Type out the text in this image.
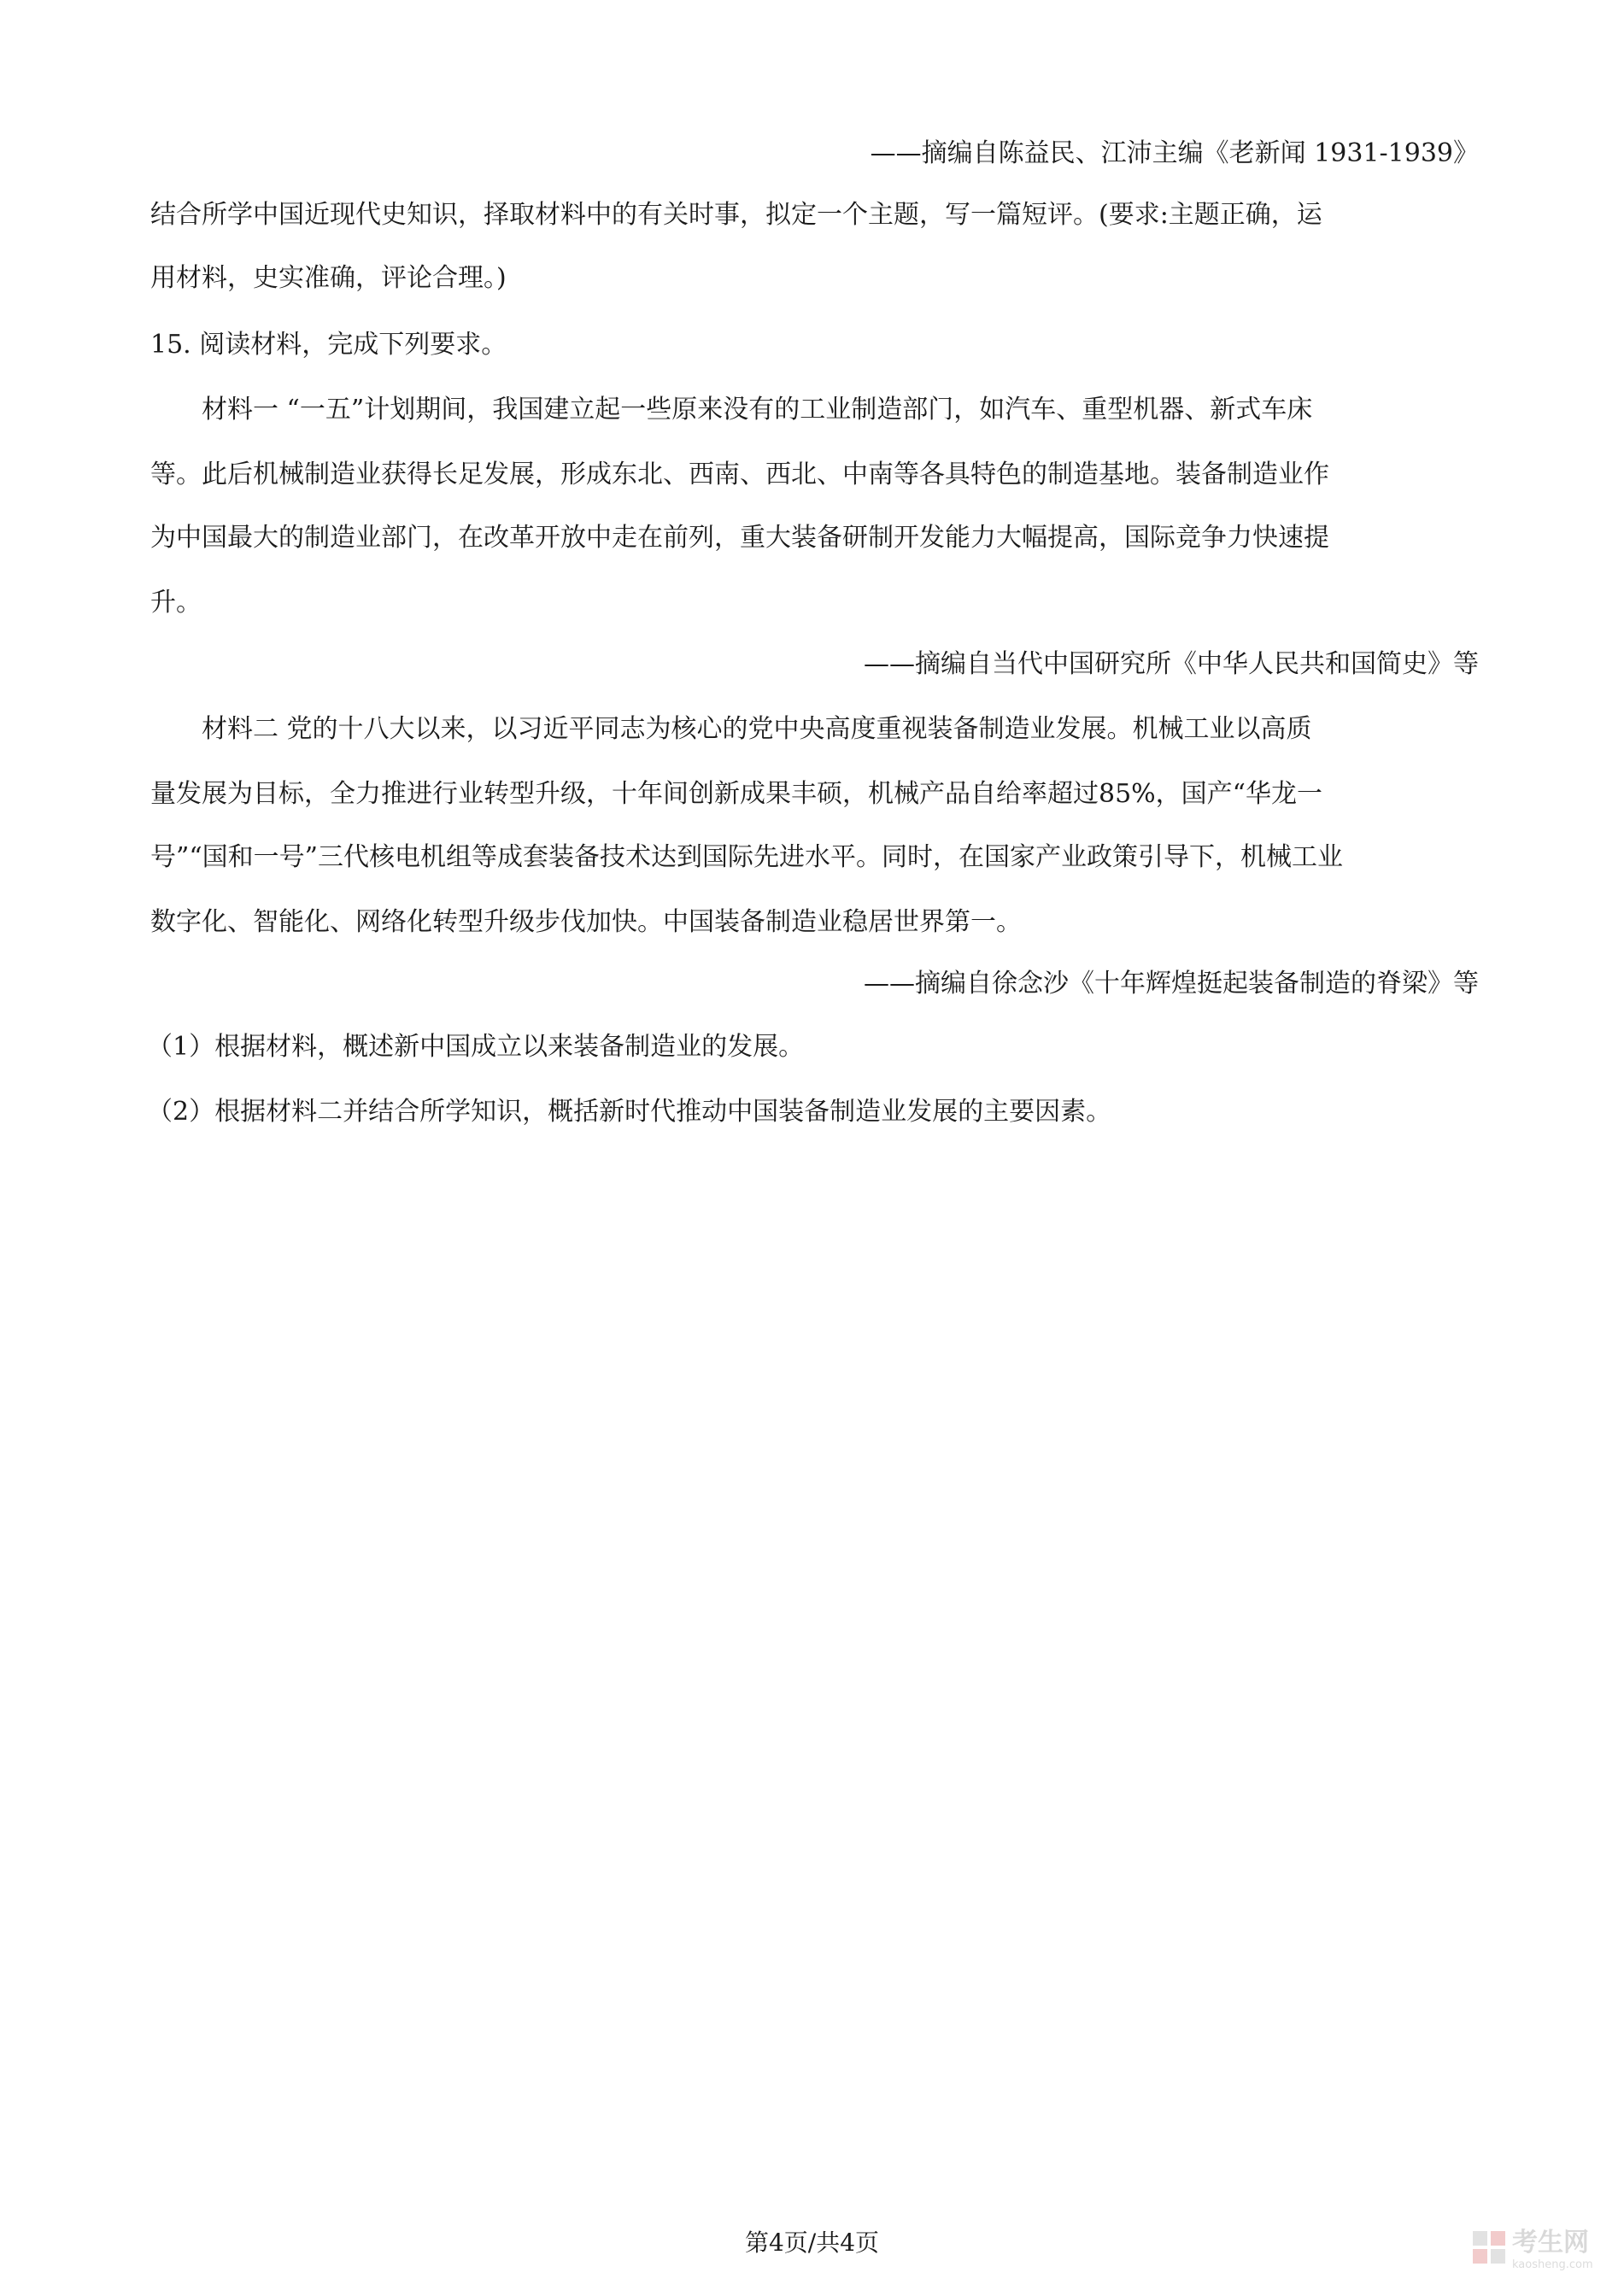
——摘编自陈益民、江沛主编《老新闻 1931-1939》
结合所学中国近现代史知识，择取材料中的有关时事，拟定一个主题，写一篇短评。(要求:主题正确，运
用材料，史实准确，评论合理。)
15. 阅读材料，完成下列要求。
材料一 “一五”计划期间，我国建立起一些原来没有的工业制造部门，如汽车、重型机器、新式车床
等。此后机械制造业获得长足发展，形成东北、西南、西北、中南等各具特色的制造基地。装备制造业作
为中国最大的制造业部门，在改革开放中走在前列，重大装备研制开发能力大幅提高，国际竞争力快速提
升。
——摘编自当代中国研究所《中华人民共和国简史》等
材料二 党的十八大以来，以习近平同志为核心的党中央高度重视装备制造业发展。机械工业以高质
量发展为目标，全力推进行业转型升级，十年间创新成果丰硕，机械产品自给率超过85%，国产“华龙一
号”“国和一号”三代核电机组等成套装备技术达到国际先进水平。同时，在国家产业政策引导下，机械工业
数字化、智能化、网络化转型升级步伐加快。中国装备制造业稳居世界第一。
——摘编自徐念沙《十年辉煌挺起装备制造的脊梁》等
（1）根据材料，概述新中国成立以来装备制造业的发展。
（2）根据材料二并结合所学知识，概括新时代推动中国装备制造业发展的主要因素。
第4页/共4页	考生网
kaosheng.com
